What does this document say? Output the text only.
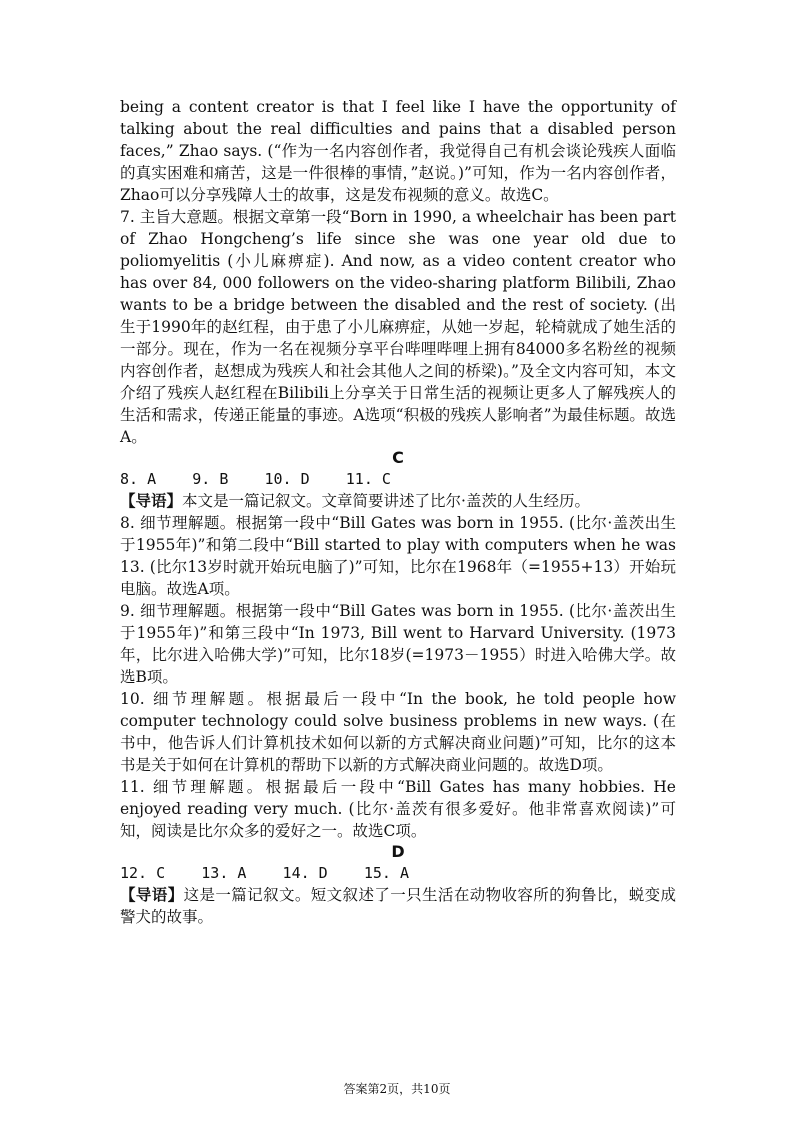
being a content creator is that I feel like I have the opportunity of talking about the real difficulties and pains that a disabled person faces,” Zhao says. (“作为一名内容创作者，我觉得自己有机会谈论残疾人面临的真实困难和痛苦，这是一件很棒的事情，”赵说。)”可知，作为一名内容创作者，Zhao可以分享残障人士的故事，这是发布视频的意义。故选C。

7. 主旨大意题。根据文章第一段“Born in 1990, a wheelchair has been part of Zhao Hongcheng’s life since she was one year old due to poliomyelitis (小儿麻痹症). And now, as a video content creator who has over 84, 000 followers on the video-sharing platform Bilibili, Zhao wants to be a bridge between the disabled and the rest of society. (出生于1990年的赵红程，由于患了小儿麻痹症，从她一岁起，轮椅就成了她生活的一部分。现在，作为一名在视频分享平台哔哩哔哩上拥有84000多名粉丝的视频内容创作者，赵想成为残疾人和社会其他人之间的桥梁)。”及全文内容可知，本文介绍了残疾人赵红程在Bilibili上分享关于日常生活的视频让更多人了解残疾人的生活和需求，传递正能量的事迹。A选项“积极的残疾人影响者”为最佳标题。故选A。

C

8. A    9. B    10. D    11. C

【导语】本文是一篇记叙文。文章简要讲述了比尔·盖茨的人生经历。

8. 细节理解题。根据第一段中“Bill Gates was born in 1955. (比尔·盖茨出生于1955年)”和第二段中“Bill started to play with computers when he was 13. (比尔13岁时就开始玩电脑了)”可知，比尔在1968年（=1955+13）开始玩电脑。故选A项。

9. 细节理解题。根据第一段中“Bill Gates was born in 1955. (比尔·盖茨出生于1955年)”和第三段中“In 1973, Bill went to Harvard University. (1973年，比尔进入哈佛大学)”可知，比尔18岁(=1973－1955）时进入哈佛大学。故选B项。

10. 细节理解题。根据最后一段中“In the book, he told people how computer technology could solve business problems in new ways. (在书中，他告诉人们计算机技术如何以新的方式解决商业问题)”可知，比尔的这本书是关于如何在计算机的帮助下以新的方式解决商业问题的。故选D项。

11. 细节理解题。根据最后一段中“Bill Gates has many hobbies. He enjoyed reading very much. (比尔·盖茨有很多爱好。他非常喜欢阅读)”可知，阅读是比尔众多的爱好之一。故选C项。

D

12. C    13. A    14. D    15. A

【导语】这是一篇记叙文。短文叙述了一只生活在动物收容所的狗鲁比，蜕变成警犬的故事。

答案第2页，共10页
